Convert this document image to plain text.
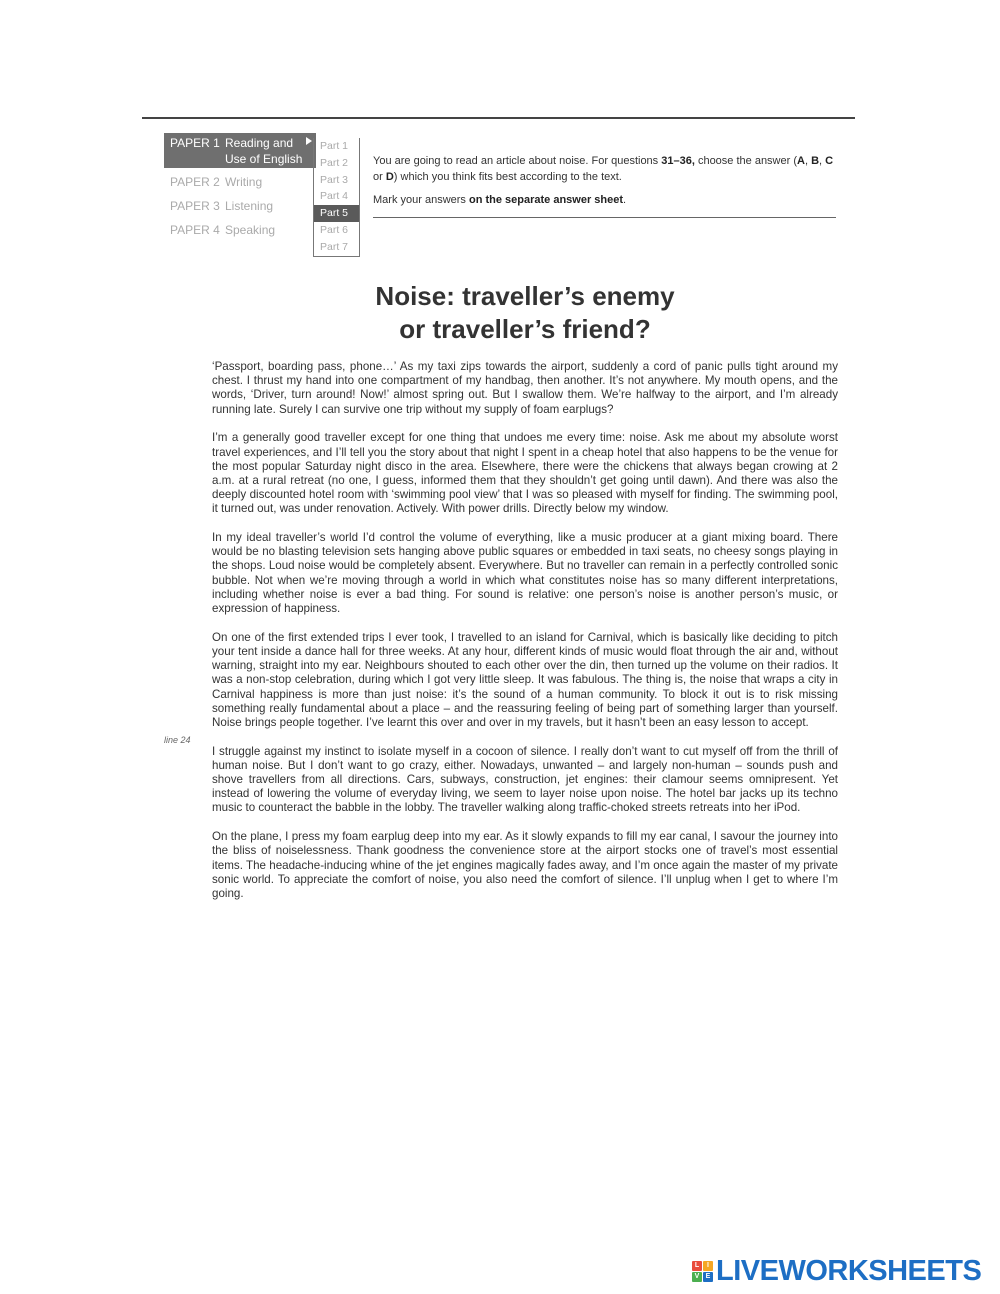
PAPER 1 Reading and
Use of English
PAPER 2 Writing
PAPER 3 Listening
PAPER 4 Speaking
Part 1
Part 2
Part 3
Part 4
Part 5
Part 6
Part 7

You are going to read an article about noise. For questions 31–36, choose the answer (A, B, C or D) which you think fits best according to the text.

Mark your answers on the separate answer sheet.

Noise: traveller’s enemy
or traveller’s friend?
line 24

‘Passport, boarding pass, phone…’ As my taxi zips towards the airport, suddenly a cord of panic pulls tight around my chest. I thrust my hand into one compartment of my handbag, then another. It’s not anywhere. My mouth opens, and the words, ‘Driver, turn around! Now!’ almost spring out. But I swallow them. We’re halfway to the airport, and I’m already running late. Surely I can survive one trip without my supply of foam earplugs?

I’m a generally good traveller except for one thing that undoes me every time: noise. Ask me about my absolute worst travel experiences, and I’ll tell you the story about that night I spent in a cheap hotel that also happens to be the venue for the most popular Saturday night disco in the area. Elsewhere, there were the chickens that always began crowing at 2 a.m. at a rural retreat (no one, I guess, informed them that they shouldn’t get going until dawn). And there was also the deeply discounted hotel room with ‘swimming pool view’ that I was so pleased with myself for finding. The swimming pool, it turned out, was under renovation. Actively. With power drills. Directly below my window.

In my ideal traveller’s world I’d control the volume of everything, like a music producer at a giant mixing board. There would be no blasting television sets hanging above public squares or embedded in taxi seats, no cheesy songs playing in the shops. Loud noise would be completely absent. Everywhere. But no traveller can remain in a perfectly controlled sonic bubble. Not when we’re moving through a world in which what constitutes noise has so many different interpretations, including whether noise is ever a bad thing. For sound is relative: one person’s noise is another person’s music, or expression of happiness.

On one of the first extended trips I ever took, I travelled to an island for Carnival, which is basically like deciding to pitch your tent inside a dance hall for three weeks. At any hour, different kinds of music would float through the air and, without warning, straight into my ear. Neighbours shouted to each other over the din, then turned up the volume on their radios. It was a non-stop celebration, during which I got very little sleep. It was fabulous. The thing is, the noise that wraps a city in Carnival happiness is more than just noise: it’s the sound of a human community. To block it out is to risk missing something really fundamental about a place – and the reassuring feeling of being part of something larger than yourself. Noise brings people together. I’ve learnt this over and over in my travels, but it hasn’t been an easy lesson to accept.

I struggle against my instinct to isolate myself in a cocoon of silence. I really don’t want to cut myself off from the thrill of human noise. But I don’t want to go crazy, either. Nowadays, unwanted – and largely non-human – sounds push and shove travellers from all directions. Cars, subways, construction, jet engines: their clamour seems omnipresent. Yet instead of lowering the volume of everyday living, we seem to layer noise upon noise. The hotel bar jacks up its techno music to counteract the babble in the lobby. The traveller walking along traffic-choked streets retreats into her iPod.

On the plane, I press my foam earplug deep into my ear. As it slowly expands to fill my ear canal, I savour the journey into the bliss of noiselessness. Thank goodness the convenience store at the airport stocks one of travel’s most essential items. The headache-inducing whine of the jet engines magically fades away, and I’m once again the master of my private sonic world. To appreciate the comfort of noise, you also need the comfort of silence. I’ll unplug when I get to where I’m going.

L	I
V E LIVEWORKSHEETS
